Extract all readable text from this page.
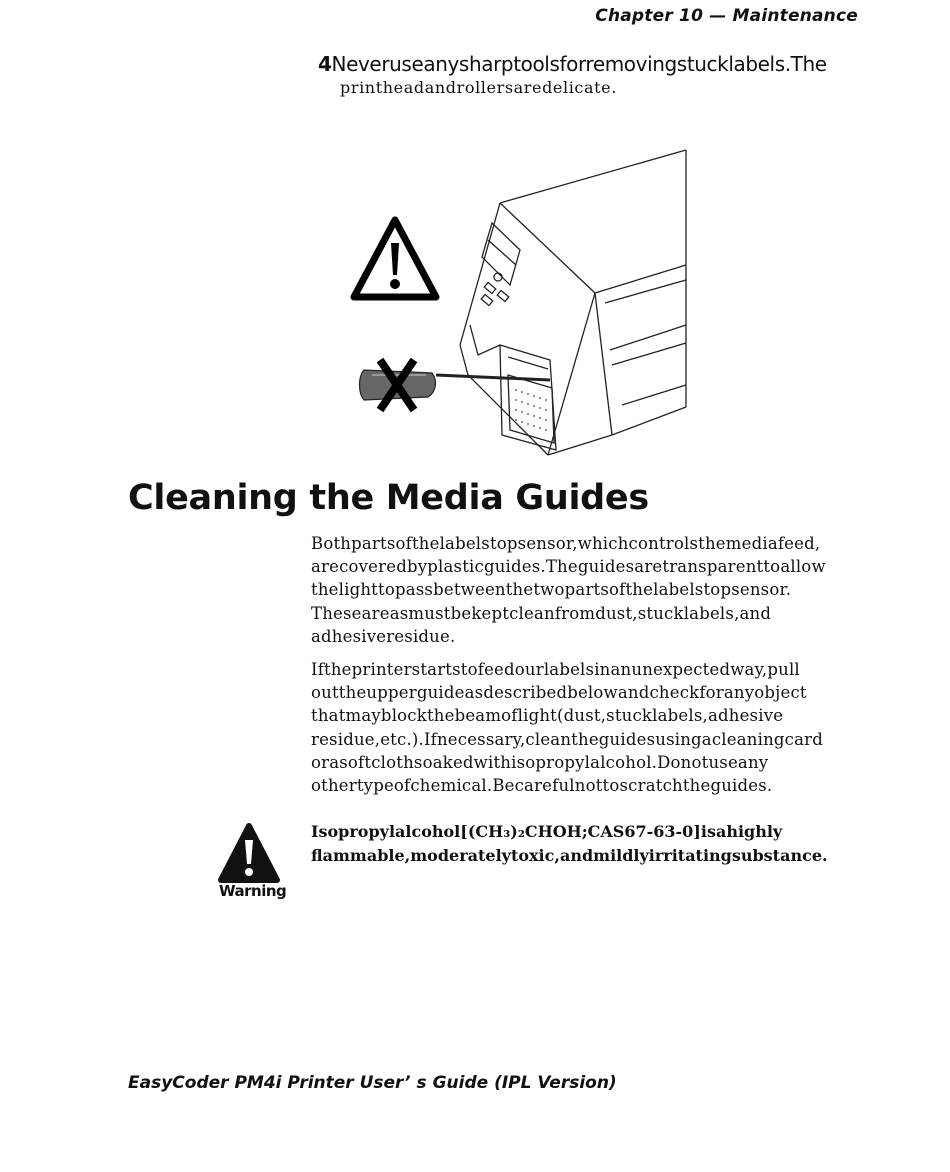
Chapter 10 — Maintenance
4Neveruseanysharptoolsforremovingstucklabels.The
printheadandrollersaredelicate.
Cleaning the Media Guides
Bothpartsofthelabelstopsensor,whichcontrolsthemediafeed,
arecoveredbyplasticguides.Theguidesaretransparenttoallow
thelighttopassbetweenthetwopartsofthelabelstopsensor.
Theseareasmustbekeptcleanfromdust,stucklabels,and
adhesiveresidue.
Iftheprinterstartstofeedourlabelsinanunexpectedway,pull
outtheupperguideasdescribedbelowandcheckforanyobject
thatmayblockthebeamoflight(dust,stucklabels,adhesive
residue,etc.).Ifnecessary,cleantheguidesusingacleaningcard
orasoftclothsoakedwithisopropylalcohol.Donotuseany
othertypeofchemical.Becarefulnottoscratchtheguides.
Warning
Isopropylalcohol[(CH₃)₂CHOH;CAS67-63-0]isahighly
flammable,moderatelytoxic,andmildlyirritatingsubstance.
EasyCoder PM4i Printer User’ s Guide (IPL Version)
